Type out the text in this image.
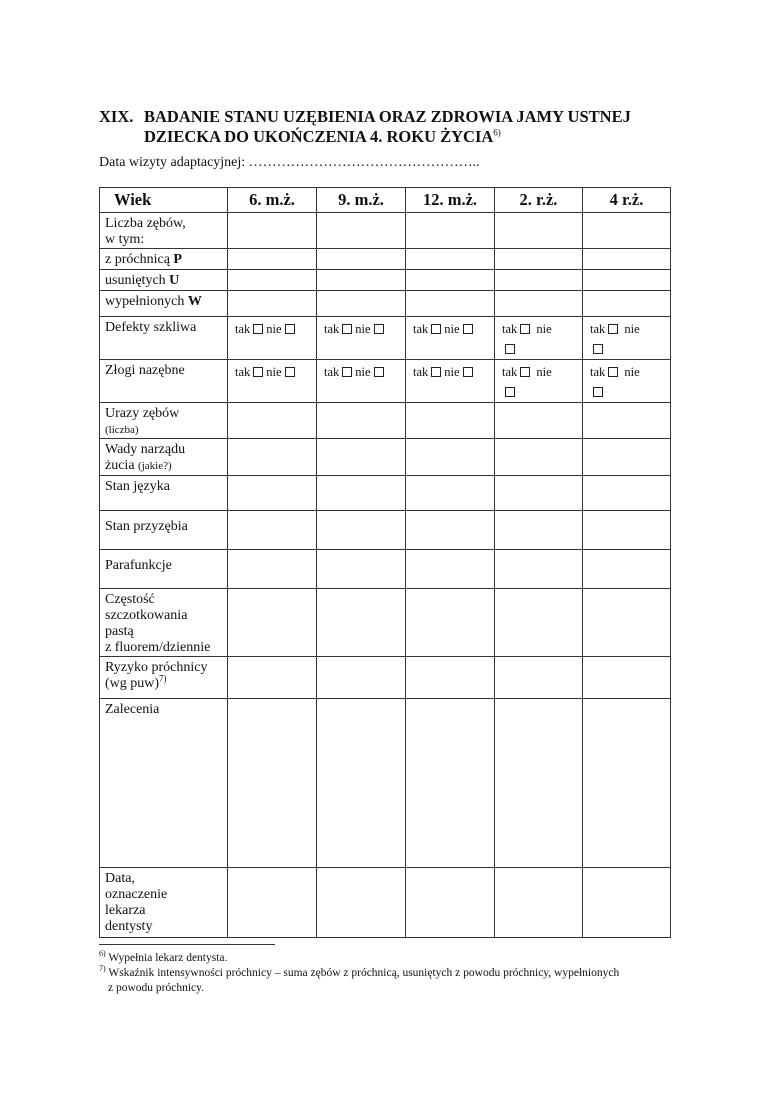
XIX. BADANIE STANU UZĘBIENIA ORAZ ZDROWIA JAMY USTNEJ
DZIECKA DO UKOŃCZENIA 4. ROKU ŻYCIA$^{6)}$
Data wizyty adaptacyjnej: …………………………………………..
Wiek	6. m.ż.	9. m.ż.	12. m.ż.	2. r.ż.	4 r.ż.

Liczba zębów,
w tym:					

z próchnicą P					
usuniętych U					
wypełnionych W					
Defekty szkliwa	tak nie	tak nie	tak nie	tak nie	tak nie

Złogi nazębne	tak nie	tak nie	tak nie	tak nie	tak nie

Urazy zębów
(liczba)					

Wady narządu
żucia (jakie?)					

Stan języka					
Stan przyzębia					
Parafunkcje					

Częstość
szczotkowania
pastą
z fluorem/dziennie					

Ryzyko próchnicy
(wg puw)$^{7)}$

Zalecenia					

Data,
oznaczenie
lekarza
dentysty					

$^{6)}$ Wypełnia lekarz dentysta.
$^{7)}$ Wskaźnik intensywności próchnicy – suma zębów z próchnicą, usuniętych z powodu próchnicy, wypełnionych
z powodu próchnicy.
